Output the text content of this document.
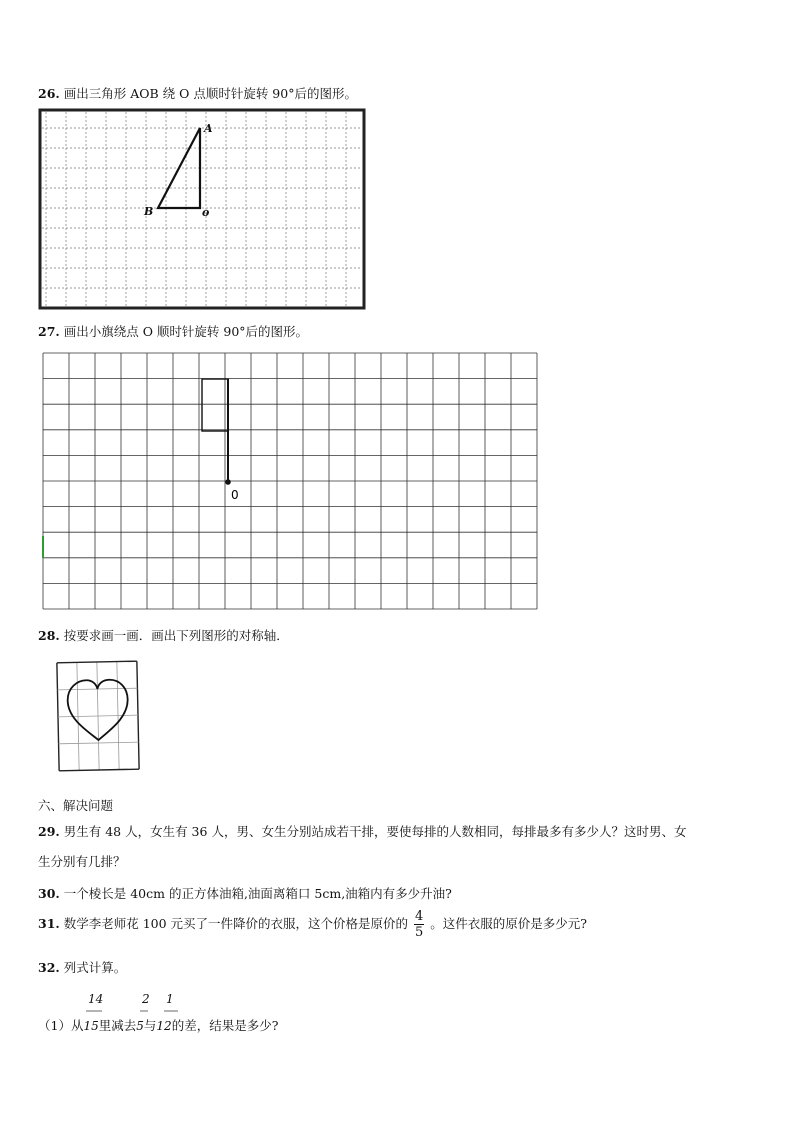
26. 画出三角形 AOB 绕 O 点顺时针旋转 90°后的图形。
A
B	o
27. 画出小旗绕点 O 顺时针旋转 90°后的图形。
0
28. 按要求画一画．画出下列图形的对称轴．
六、解决问题
29. 男生有 48 人，女生有 36 人，男、女生分别站成若干排，要使每排的人数相同，每排最多有多少人？这时男、女
生分别有几排？
30. 一个棱长是 40cm 的正方体油箱,油面离箱口 5cm,油箱内有多少升油?
31. 数学李老师花 100 元买了一件降价的衣服，这个价格是原价的 $\frac{4}{5}$ 。这件衣服的原价是多少元?
32. 列式计算。
14	2 1
（1）从15里减去5与12的差，结果是多少?
